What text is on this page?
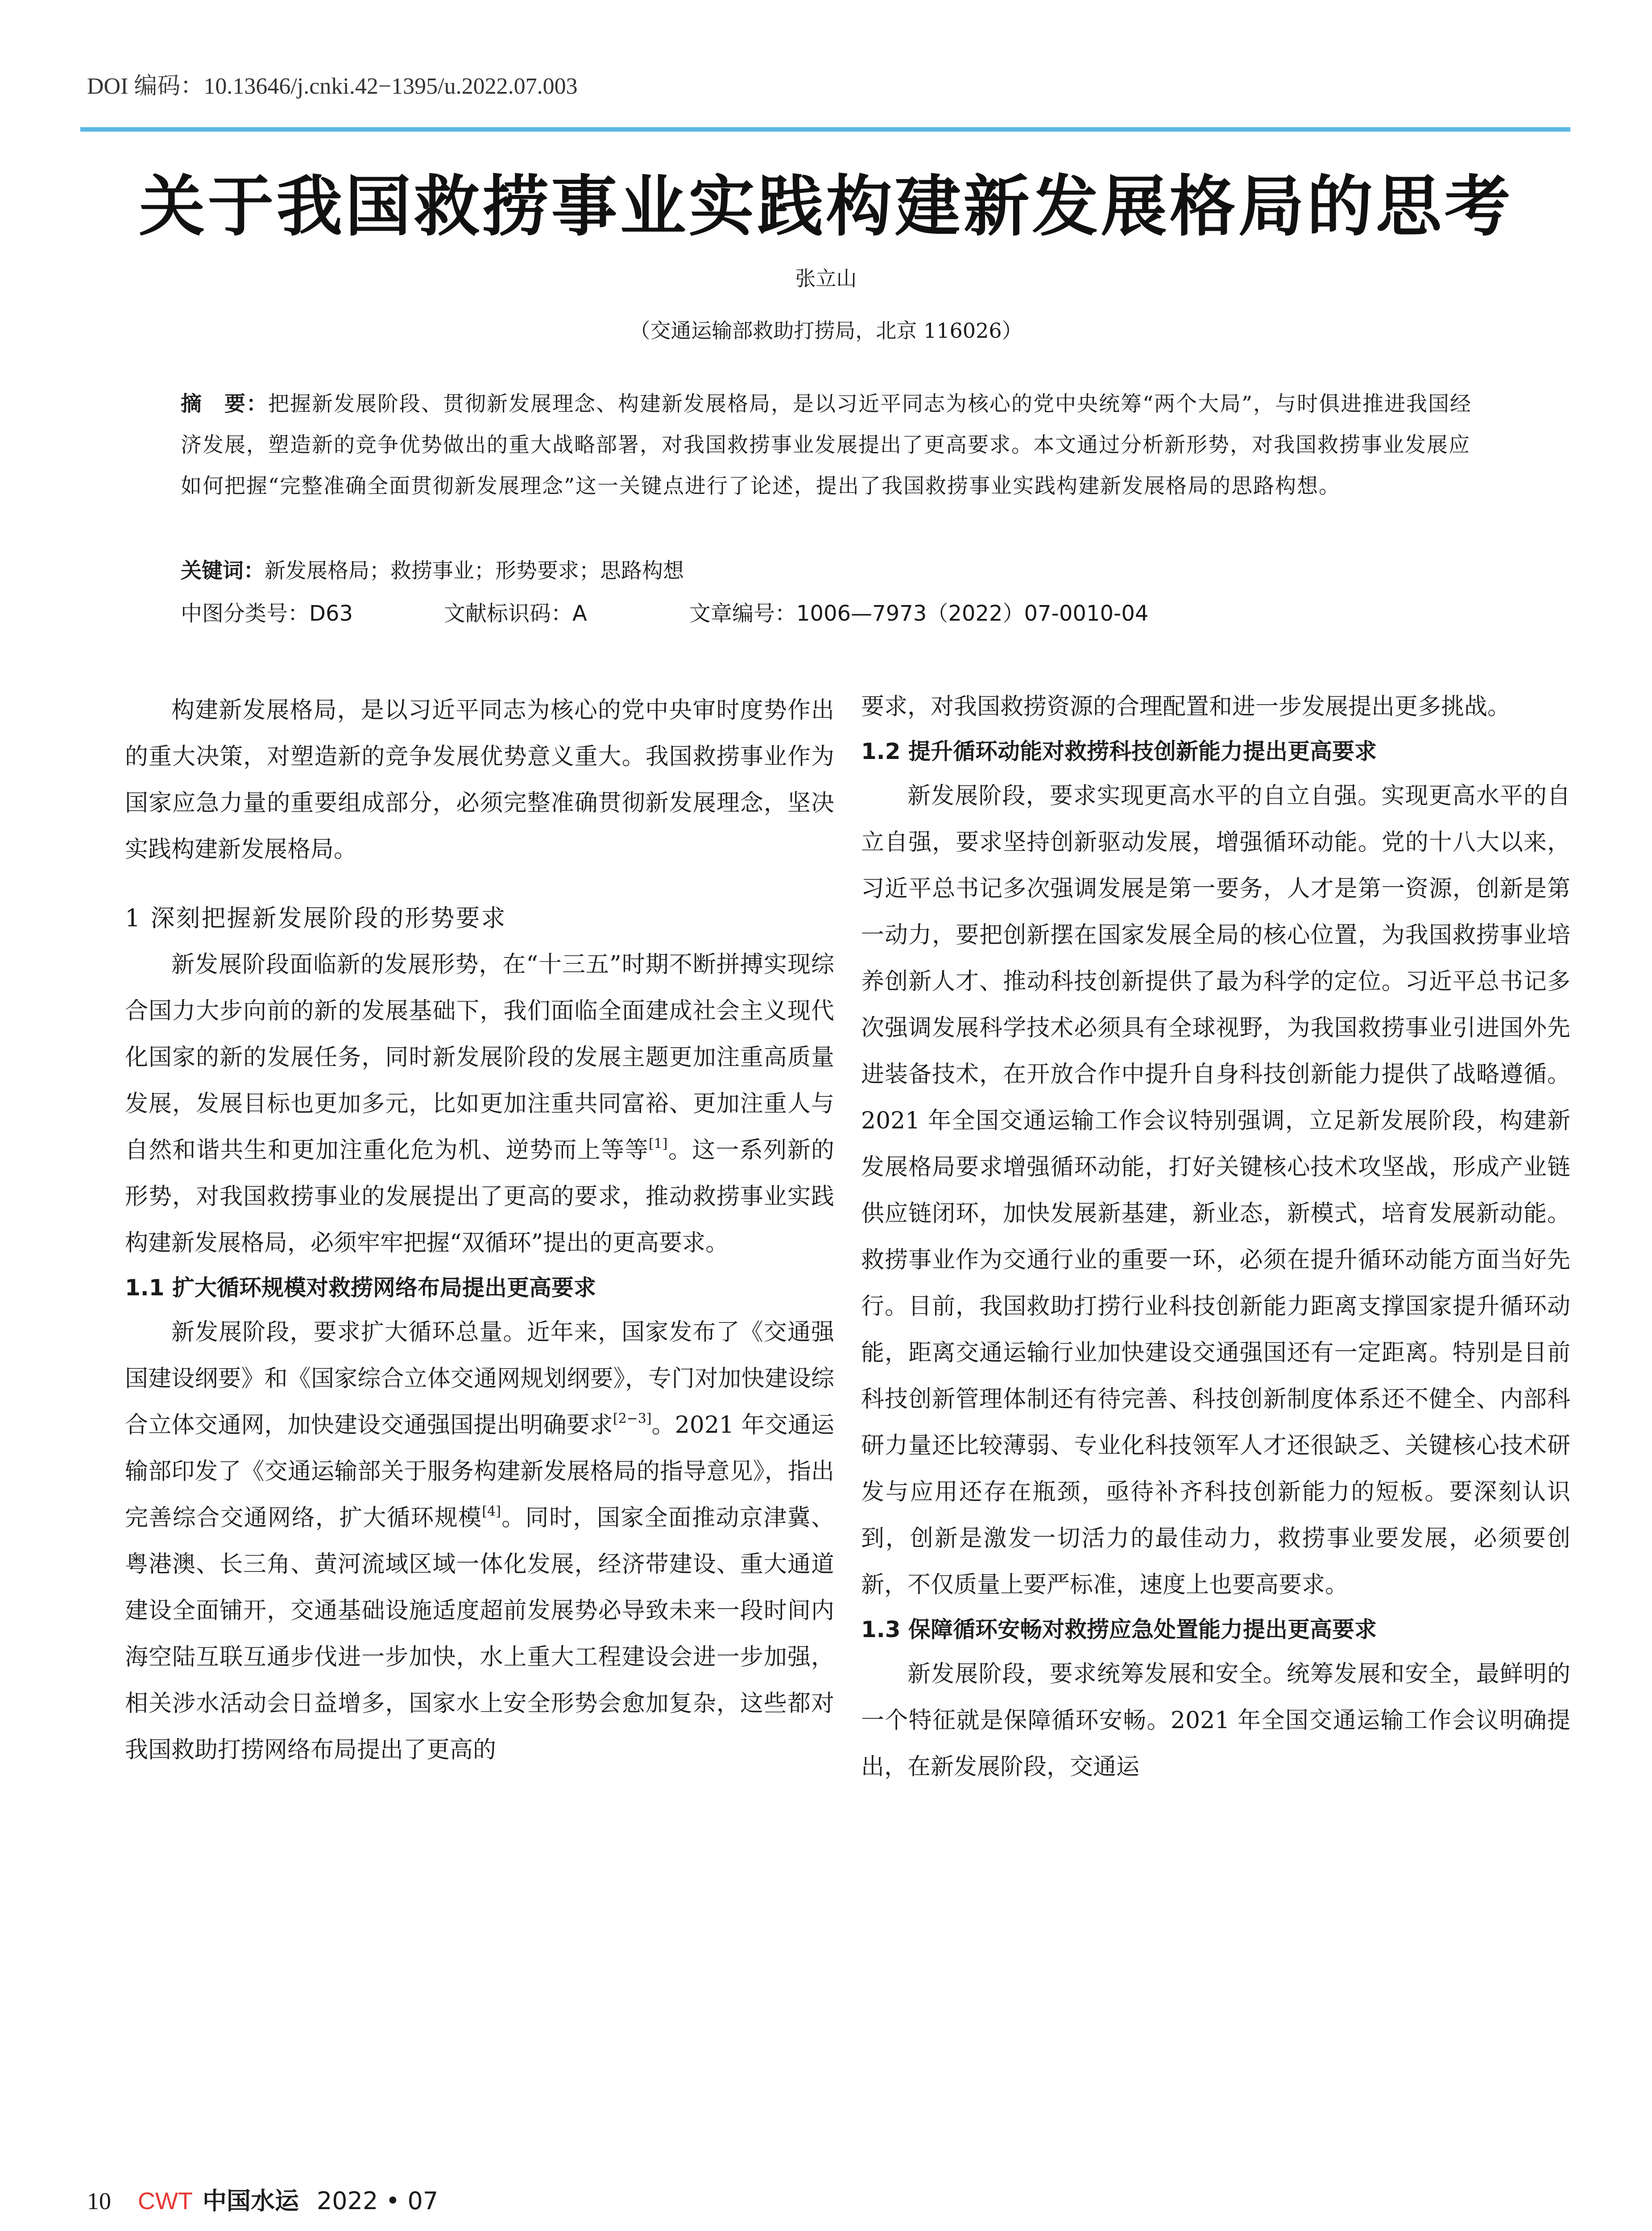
DOI 编码：10.13646/j.cnki.42−1395/u.2022.07.003
关于我国救捞事业实践构建新发展格局的思考
张立山
（交通运输部救助打捞局，北京 116026）
摘　要：把握新发展阶段、贯彻新发展理念、构建新发展格局，是以习近平同志为核心的党中央统筹“两个大局”，与时俱进推进我国经济发展，塑造新的竞争优势做出的重大战略部署，对我国救捞事业发展提出了更高要求。本文通过分析新形势，对我国救捞事业发展应如何把握“完整准确全面贯彻新发展理念”这一关键点进行了论述，提出了我国救捞事业实践构建新发展格局的思路构想。
关键词：新发展格局；救捞事业；形势要求；思路构想
中图分类号：D63	文献标识码：A	文章编号：1006—7973（2022）07-0010-04

构建新发展格局，是以习近平同志为核心的党中央审时度势作出的重大决策，对塑造新的竞争发展优势意义重大。我国救捞事业作为国家应急力量的重要组成部分，必须完整准确贯彻新发展理念，坚决实践构建新发展格局。

1 深刻把握新发展阶段的形势要求

新发展阶段面临新的发展形势，在“十三五”时期不断拼搏实现综合国力大步向前的新的发展基础下，我们面临全面建成社会主义现代化国家的新的发展任务，同时新发展阶段的发展主题更加注重高质量发展，发展目标也更加多元，比如更加注重共同富裕、更加注重人与自然和谐共生和更加注重化危为机、逆势而上等等[1]。这一系列新的形势，对我国救捞事业的发展提出了更高的要求，推动救捞事业实践构建新发展格局，必须牢牢把握“双循环”提出的更高要求。

1.1 扩大循环规模对救捞网络布局提出更高要求

新发展阶段，要求扩大循环总量。近年来，国家发布了《交通强国建设纲要》和《国家综合立体交通网规划纲要》，专门对加快建设综合立体交通网，加快建设交通强国提出明确要求[2−3]。2021 年交通运输部印发了《交通运输部关于服务构建新发展格局的指导意见》，指出完善综合交通网络，扩大循环规模[4]。同时，国家全面推动京津冀、粤港澳、长三角、黄河流域区域一体化发展，经济带建设、重大通道建设全面铺开，交通基础设施适度超前发展势必导致未来一段时间内海空陆互联互通步伐进一步加快，水上重大工程建设会进一步加强，相关涉水活动会日益增多，国家水上安全形势会愈加复杂，这些都对我国救助打捞网络布局提出了更高的

要求，对我国救捞资源的合理配置和进一步发展提出更多挑战。

1.2 提升循环动能对救捞科技创新能力提出更高要求

新发展阶段，要求实现更高水平的自立自强。实现更高水平的自立自强，要求坚持创新驱动发展，增强循环动能。党的十八大以来，习近平总书记多次强调发展是第一要务，人才是第一资源，创新是第一动力，要把创新摆在国家发展全局的核心位置，为我国救捞事业培养创新人才、推动科技创新提供了最为科学的定位。习近平总书记多次强调发展科学技术必须具有全球视野，为我国救捞事业引进国外先进装备技术，在开放合作中提升自身科技创新能力提供了战略遵循。2021 年全国交通运输工作会议特别强调，立足新发展阶段，构建新发展格局要求增强循环动能，打好关键核心技术攻坚战，形成产业链供应链闭环，加快发展新基建，新业态，新模式，培育发展新动能。救捞事业作为交通行业的重要一环，必须在提升循环动能方面当好先行。目前，我国救助打捞行业科技创新能力距离支撑国家提升循环动能，距离交通运输行业加快建设交通强国还有一定距离。特别是目前科技创新管理体制还有待完善、科技创新制度体系还不健全、内部科研力量还比较薄弱、专业化科技领军人才还很缺乏、关键核心技术研发与应用还存在瓶颈，亟待补齐科技创新能力的短板。要深刻认识到，创新是激发一切活力的最佳动力，救捞事业要发展，必须要创新，不仅质量上要严标准，速度上也要高要求。

1.3 保障循环安畅对救捞应急处置能力提出更高要求

新发展阶段，要求统筹发展和安全。统筹发展和安全，最鲜明的一个特征就是保障循环安畅。2021 年全国交通运输工作会议明确提出，在新发展阶段，交通运

10 CWT 中国水运 2022 • 07
